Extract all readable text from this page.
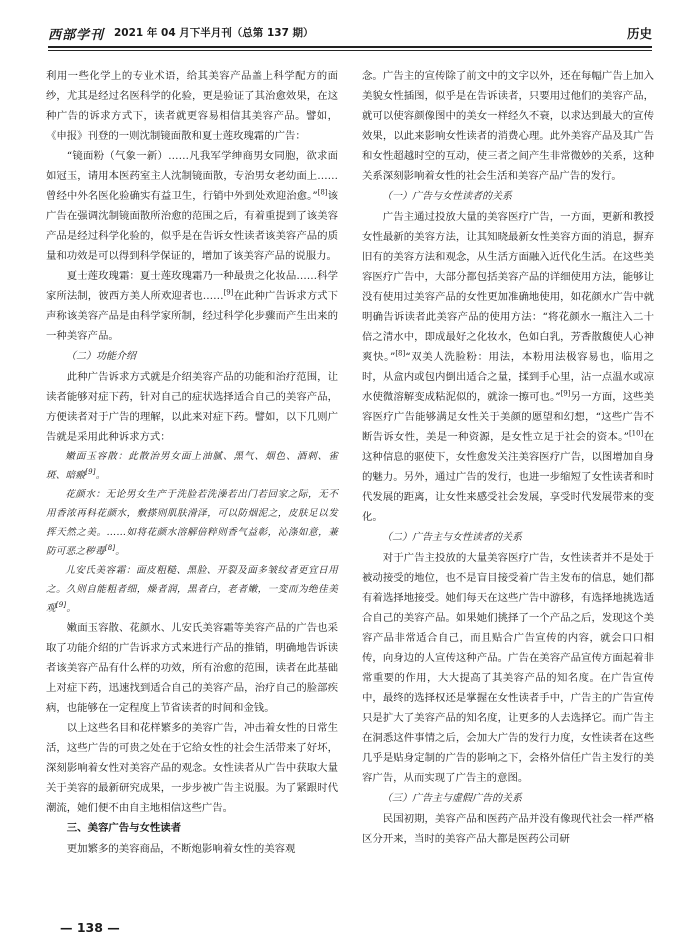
西部学刊 2021 年 04 月下半月刊（总第 137 期）	历史

利用一些化学上的专业术语，给其美容产品盖上科学配方的面纱，尤其是经过名医科学的化验，更是验证了其治愈效果，在这种广告的诉求方式下，读者就更容易相信其美容产品。譬如，《申报》刊登的一则沈制镜面散和夏士莲玫瑰霜的广告：

“镜面粉（气象一新）……凡我军学绅商男女同胞，欲求面如冠玉，请用本医药室主人沈制镜面散，专治男女老幼面上……曾经中外名医化验确实有益卫生，行销中外到处欢迎治愈。”[8]该广告在强调沈制镜面散所治愈的范围之后，有着重提到了该美容产品是经过科学化验的，似乎是在告诉女性读者该美容产品的质量和功效是可以得到科学保证的，增加了该美容产品的说服力。

夏士莲玫瑰霜：夏士莲玫瑰霜乃一种最贵之化妆品……科学家所法制，彼西方美人所欢迎者也……[9]在此种广告诉求方式下声称该美容产品是由科学家所制，经过科学化步骤而产生出来的一种美容产品。

（二）功能介绍

此种广告诉求方式就是介绍美容产品的功能和治疗范围，让读者能够对症下药，针对自己的症状选择适合自己的美容产品，方便读者对于广告的理解，以此来对症下药。譬如，以下几则广告就是采用此种诉求方式：

嫩面玉容散：此散治男女面上油腻、黑气、烟色、酒刺、雀斑、暗瘢[9]。

花颜水：无论男女生产于洗脸若洗澡若出门若回家之际，无不用香浓再科花颜水，敷搽则肌肤滑泽，可以防烟泥之，皮肤足以发挥天然之美。……如将花颜水溶解倍粹则香气益彰，沁涤如意，兼防可恶之秽毒[8]。

儿安氏美容霜：面皮粗糙、黑脸、开裂及面多皱纹者更宜日用之。久则自能粗者细，燥者润，黑者白，老者嫩，一变而为绝佳美观[9]。

嫩面玉容散、花颜水、儿安氏美容霜等美容产品的广告也采取了功能介绍的广告诉求方式来进行产品的推销，明确地告诉读者该美容产品有什么样的功效，所有治愈的范围，读者在此基础上对症下药，迅速找到适合自己的美容产品，治疗自己的脸部疾病，也能够在一定程度上节省读者的时间和金钱。

以上这些名目和花样繁多的美容广告，冲击着女性的日常生活，这些广告的可贵之处在于它给女性的社会生活带来了好坏，深刻影响着女性对美容产品的观念。女性读者从广告中获取大量关于美容的最新研究成果，一步步被广告主说服。为了紧跟时代潮流，她们便不由自主地相信这些广告。

三、美容广告与女性读者

更加繁多的美容商品，不断炮影响着女性的美容观

念。广告主的宣传除了前文中的文字以外，还在每幅广告上加入美貌女性插图，似乎是在告诉读者，只要用过他们的美容产品，就可以使容颜像图中的美女一样经久不衰，以求达到最大的宣传效果，以此来影响女性读者的消费心理。此外美容产品及其广告和女性超越时空的互动，使三者之间产生非常微妙的关系，这种关系深刻影响着女性的社会生活和美容产品广告的发行。

（一）广告与女性读者的关系

广告主通过投放大量的美容医疗广告，一方面，更新和教授女性最新的美容方法，让其知晓最新女性美容方面的消息，摒弃旧有的美容方法和观念，从生活方面融入近代化生活。在这些美容医疗广告中，大部分都包括美容产品的详细使用方法，能够让没有使用过美容产品的女性更加准确地使用，如花颜水广告中就明确告诉读者此美容产品的使用方法：“将花颜水一瓶注入二十倍之清水中，即成最好之化妆水，色如白乳，芳香散馥使人心神爽快。”[8]“双美人洗脸粉：用法，本粉用法极容易也，临用之时，从盒内或包内倒出适合之量，揉到手心里，沾一点温水或凉水使微溶解变成粘泥似的，就涂一擦可也。”[9]另一方面，这些美容医疗广告能够满足女性关于美颜的愿望和幻想，“这些广告不断告诉女性，美是一种资源，是女性立足于社会的资本。”[10]在这种信息的驱使下，女性愈发关注美容医疗广告，以图增加自身的魅力。另外，通过广告的发行，也进一步缩短了女性读者和时代发展的距离，让女性来感受社会发展，享受时代发展带来的变化。

（二）广告主与女性读者的关系

对于广告主投放的大量美容医疗广告，女性读者并不是处于被动接受的地位，也不是盲目接受着广告主发布的信息，她们都有着选择地接受。她们每天在这些广告中游移，有选择地挑选适合自己的美容产品。如果她们挑择了一个产品之后，发现这个美容产品非常适合自己，而且贴合广告宣传的内容，就会口口相传，向身边的人宣传这种产品。广告在美容产品宣传方面起着非常重要的作用，大大提高了其美容产品的知名度。在广告宣传中，最终的选择权还是掌握在女性读者手中，广告主的广告宣传只是扩大了美容产品的知名度，让更多的人去选择它。而广告主在洞悉这件事情之后，会加大广告的发行力度，女性读者在这些几乎是贴身定制的广告的影响之下，会格外信任广告主发行的美容广告，从而实现了广告主的意图。

（三）广告主与虚假广告的关系

民国初期，美容产品和医药产品并没有像现代社会一样严格区分开来，当时的美容产品大都是医药公司研

— 138 —
